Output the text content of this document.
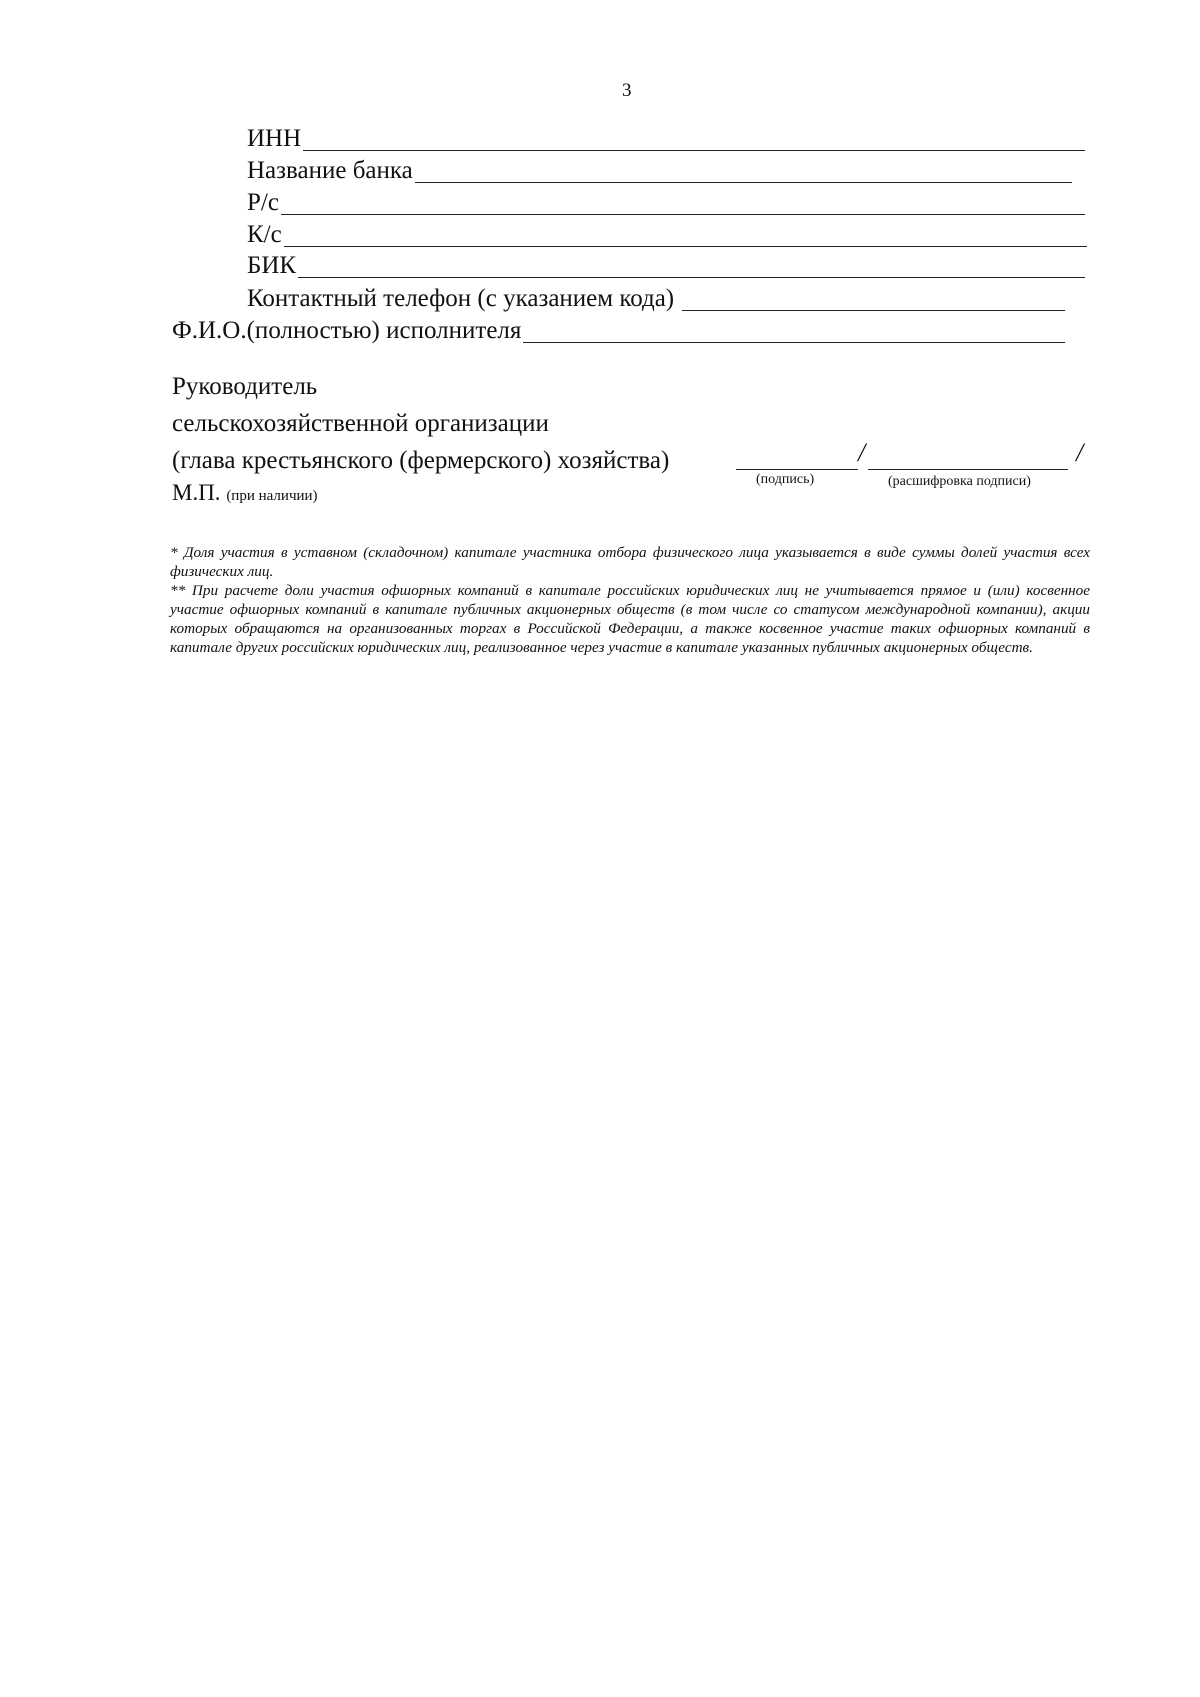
3
ИНН
Название банка
Р/с
К/с
БИК
Контактный телефон (с указанием кода)
Ф.И.О.(полностью) исполнителя
Руководитель
сельскохозяйственной организации
(глава крестьянского (фермерского) хозяйства)	/	/
(подпись)	(расшифровка подписи)
М.П. (при наличии)

* Доля участия в уставном (складочном) капитале участника отбора физического лица указывается в виде суммы долей участия всех физических лиц.

** При расчете доли участия офшорных компаний в капитале российских юридических лиц не учитывается прямое и (или) косвенное участие офшорных компаний в капитале публичных акционерных обществ (в том числе со статусом международной компании), акции которых обращаются на организованных торгах в Российской Федерации, а также косвенное участие таких офшорных компаний в капитале других российских юридических лиц, реализованное через участие в капитале указанных публичных акционерных обществ.
